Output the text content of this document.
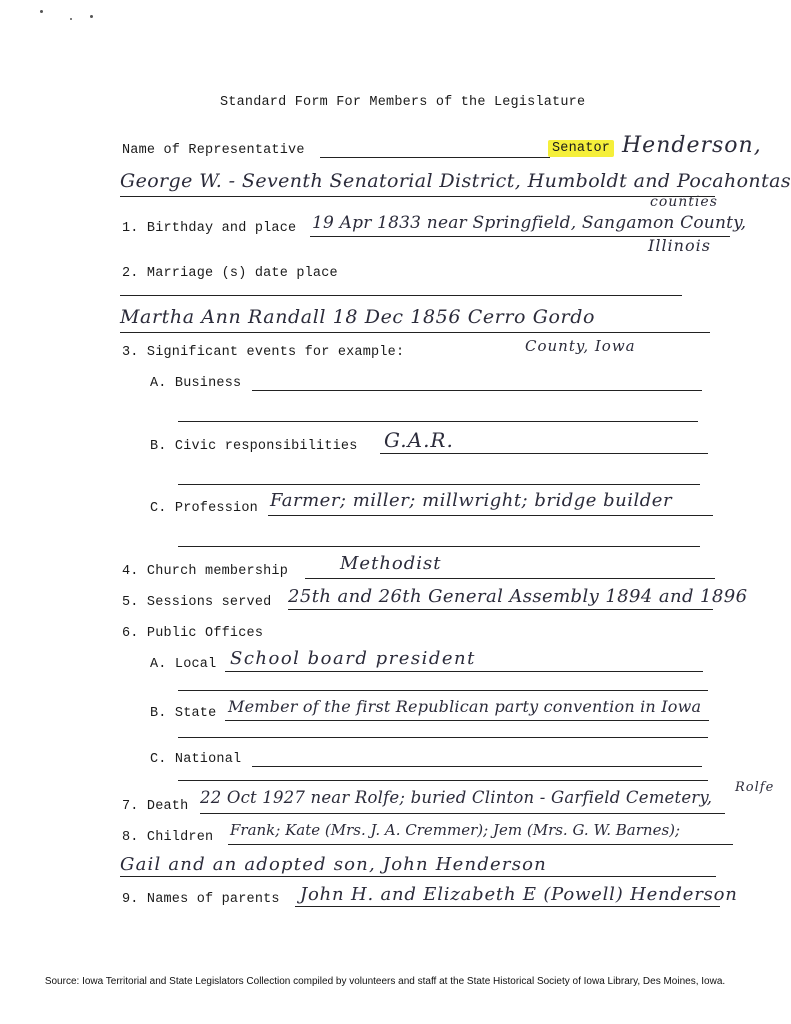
Standard Form For Members of the Legislature
Name of Representative	Senator Henderson,
George W. - Seventh Senatorial District, Humboldt and Pocahontas
counties
1. Birthday and place 19 Apr 1833 near Springfield, Sangamon County,
Illinois
2. Marriage (s) date place
Martha Ann Randall 18 Dec 1856 Cerro Gordo
County, Iowa
3. Significant events for example:
A. Business
B. Civic responsibilities G.A.R.
C. Profession Farmer; miller; millwright; bridge builder
4. Church membership	Methodist
5. Sessions served 25th and 26th General Assembly 1894 and 1896
6. Public Offices
A. Local School board president
B. State Member of the first Republican party convention in Iowa
C. National
7. Death 22 Oct 1927 near Rolfe; buried Clinton - Garfield Cemetery,
Rolfe
8. Children Frank; Kate (Mrs. J. A. Cremmer); Jem (Mrs. G. W. Barnes);
Gail and an adopted son, John Henderson
9. Names of parents John H. and Elizabeth E (Powell) Henderson
Source: Iowa Territorial and State Legislators Collection compiled by volunteers and staff at the State Historical Society of Iowa Library, Des Moines, Iowa.
